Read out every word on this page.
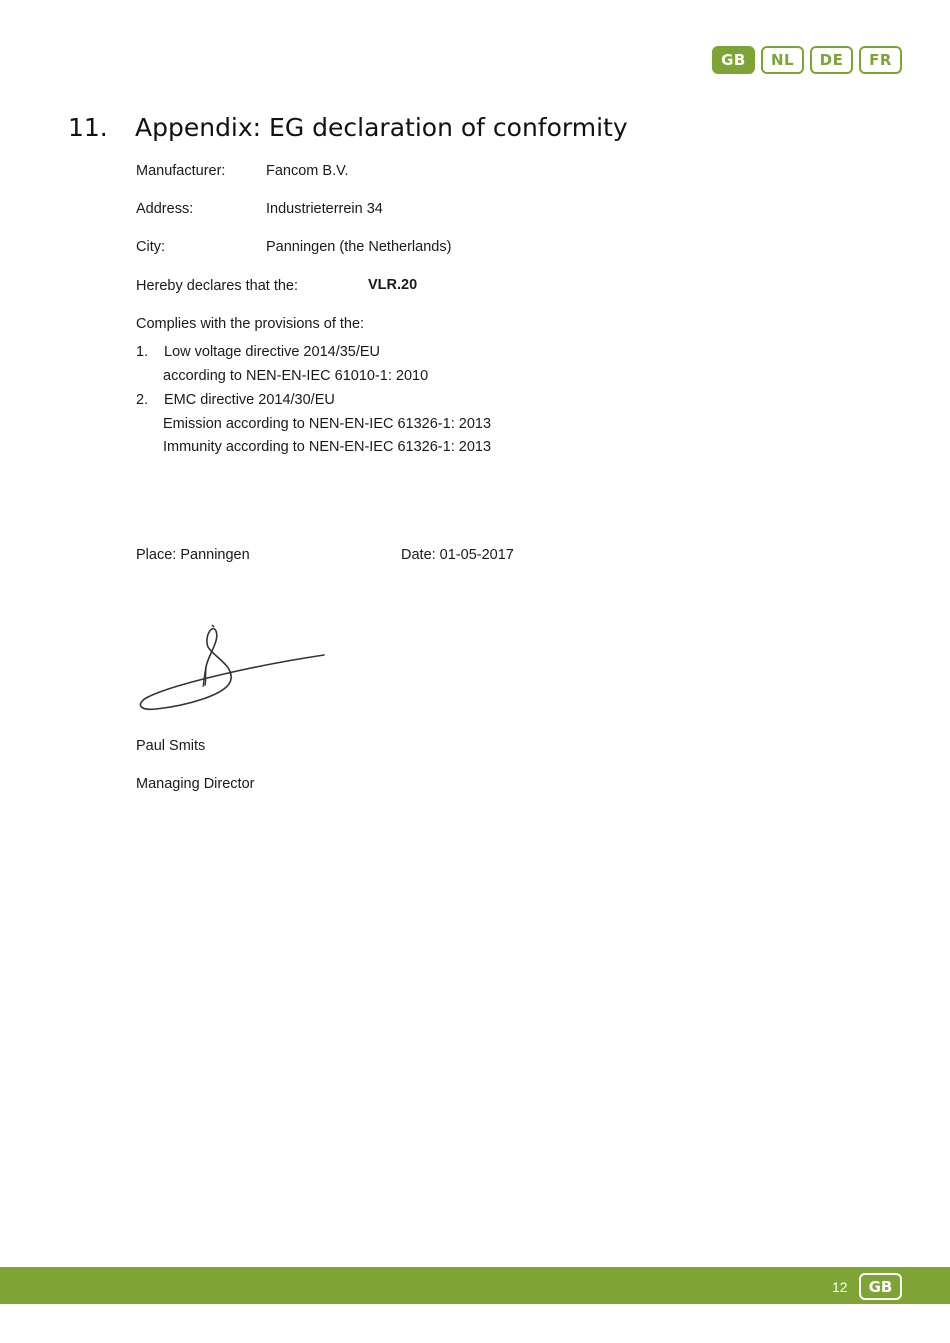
GB	NL	DE	FR
11.	Appendix: EG declaration of conformity
Manufacturer:	Fancom B.V.
Address:	Industrieterrein 34
City:	Panningen (the Netherlands)
Hereby declares that the:	VLR.20
Complies with the provisions of the:
1. Low voltage directive 2014/35/EU
according to NEN-EN-IEC 61010-1: 2010
2. EMC directive 2014/30/EU
Emission according to NEN-EN-IEC 61326-1: 2013
Immunity according to NEN-EN-IEC 61326-1: 2013
Place: Panningen	Date: 01-05-2017
Paul Smits
Managing Director
12	GB
